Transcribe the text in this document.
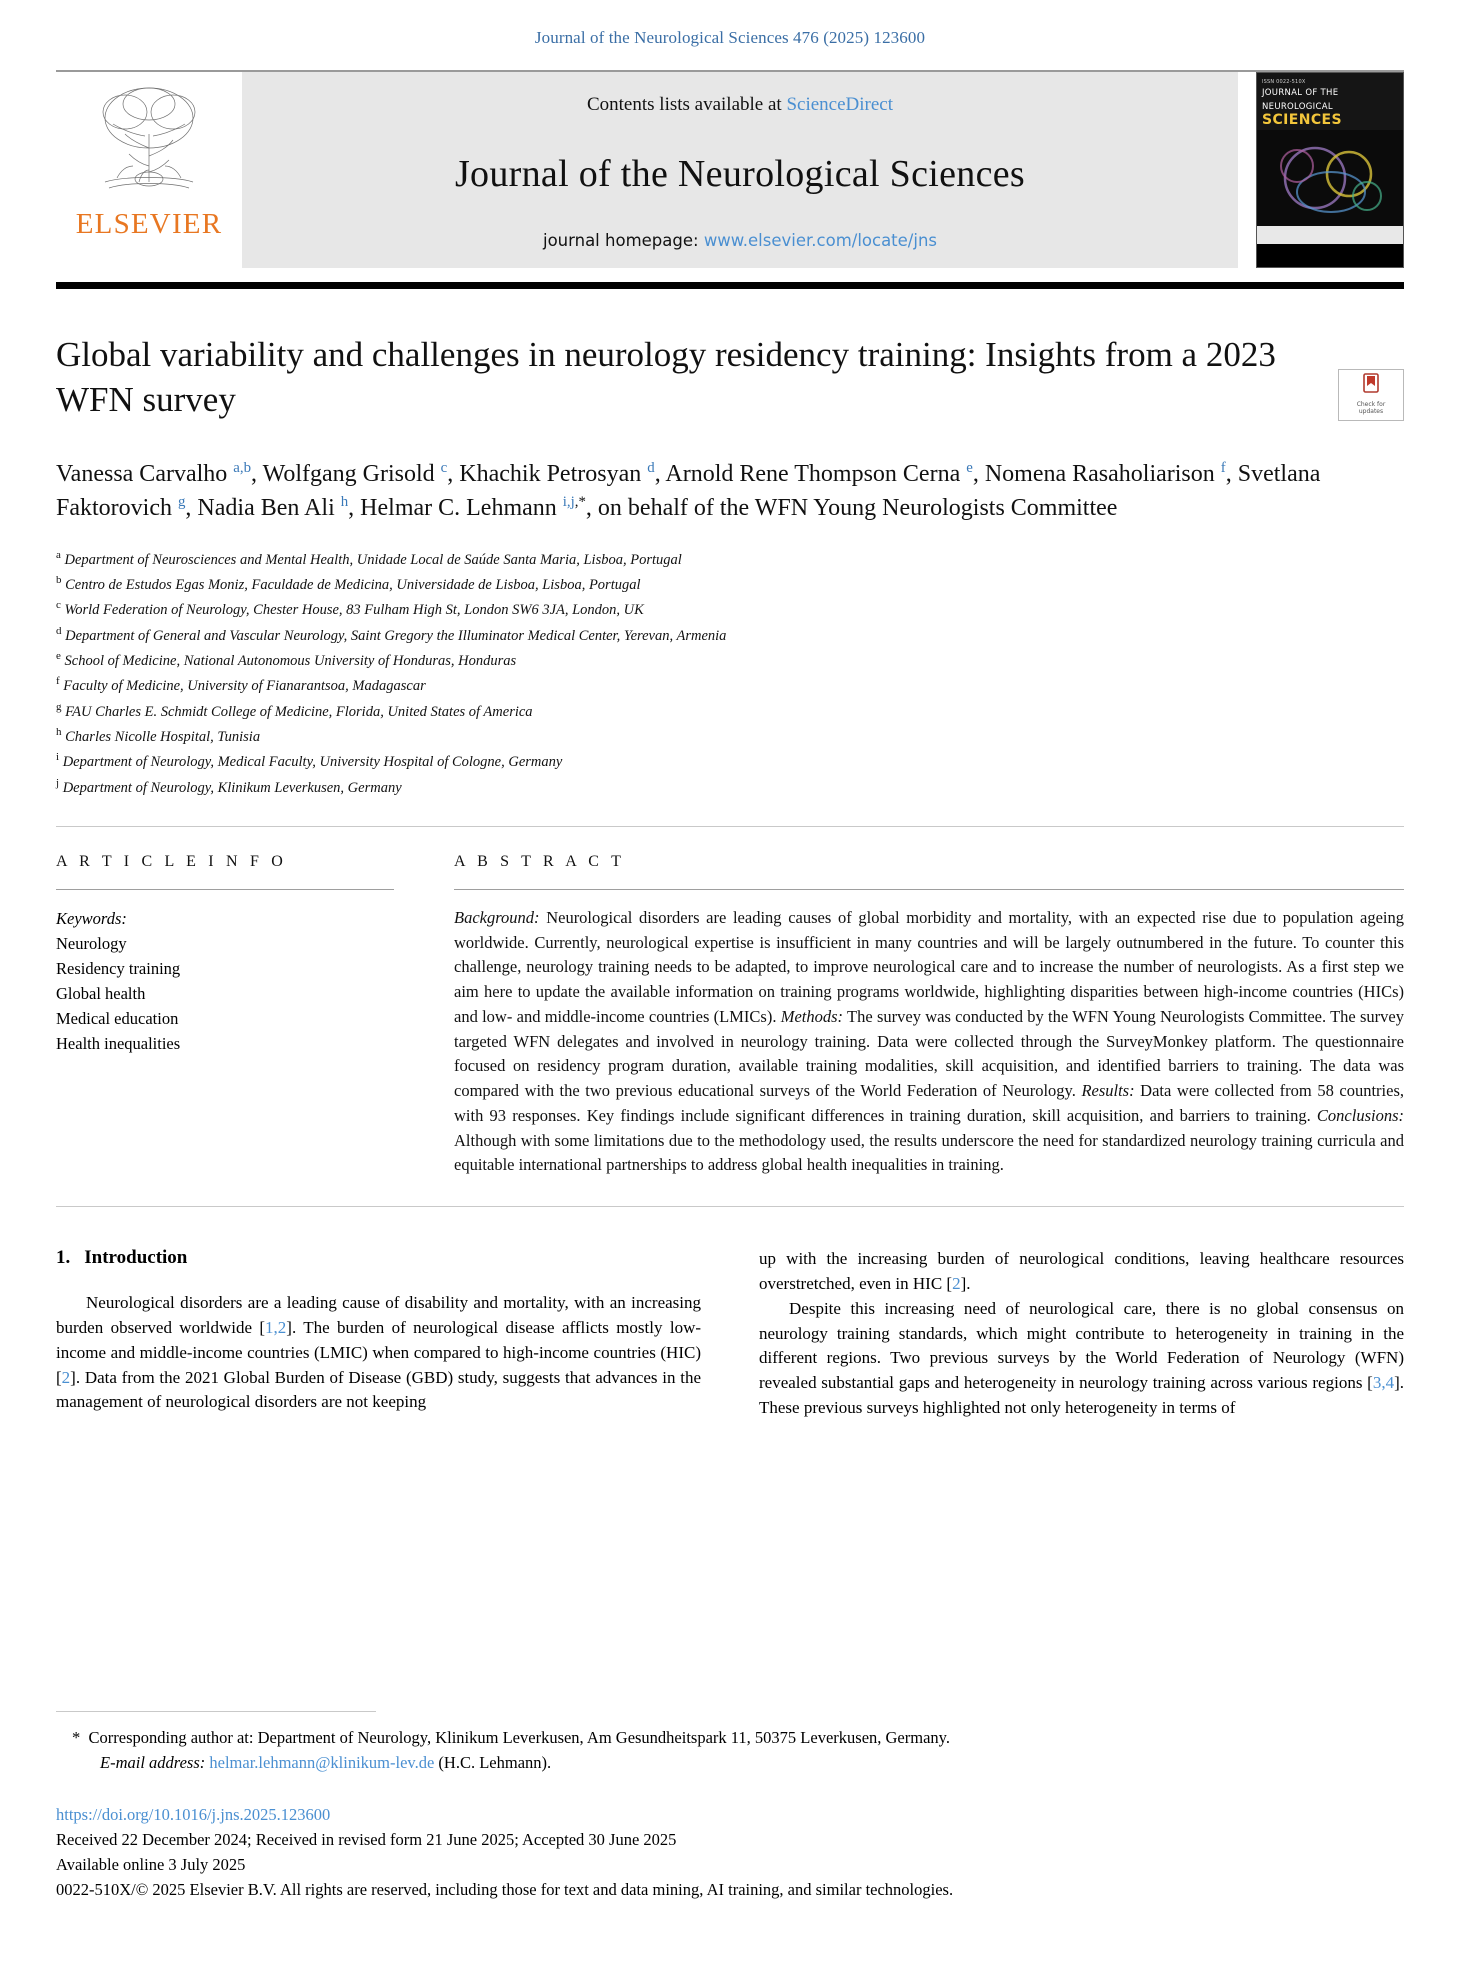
Journal of the Neurological Sciences 476 (2025) 123600
ELSEVIER
Contents lists available at ScienceDirect
Journal of the Neurological Sciences
journal homepage: www.elsevier.com/locate/jns
ISSN 0022-510X
JOURNAL OF THE
NEUROLOGICAL
SCIENCES
Check for
updates
Global variability and challenges in neurology residency training: Insights from a 2023 WFN survey
Vanessa Carvalho $^{a,b}$, Wolfgang Grisold $^c$, Khachik Petrosyan $^d$, Arnold Rene Thompson Cerna $^e$, Nomena Rasaholiarison $^f$, Svetlana Faktorovich $^g$, Nadia Ben Ali $^h$, Helmar C. Lehmann $^{i,j,*}$, on behalf of the WFN Young Neurologists Committee
$^a$ Department of Neurosciences and Mental Health, Unidade Local de Saúde Santa Maria, Lisboa, Portugal
$^b$ Centro de Estudos Egas Moniz, Faculdade de Medicina, Universidade de Lisboa, Lisboa, Portugal
$^c$ World Federation of Neurology, Chester House, 83 Fulham High St, London SW6 3JA, London, UK
$^d$ Department of General and Vascular Neurology, Saint Gregory the Illuminator Medical Center, Yerevan, Armenia
$^e$ School of Medicine, National Autonomous University of Honduras, Honduras
$^f$ Faculty of Medicine, University of Fianarantsoa, Madagascar
$^g$ FAU Charles E. Schmidt College of Medicine, Florida, United States of America
$^h$ Charles Nicolle Hospital, Tunisia
$^i$ Department of Neurology, Medical Faculty, University Hospital of Cologne, Germany
$^j$ Department of Neurology, Klinikum Leverkusen, Germany
A R T I C L E I N F O
Keywords:
Neurology
Residency training
Global health
Medical education
Health inequalities
A B S T R A C T

Background: Neurological disorders are leading causes of global morbidity and mortality, with an expected rise due to population ageing worldwide. Currently, neurological expertise is insufficient in many countries and will be largely outnumbered in the future. To counter this challenge, neurology training needs to be adapted, to improve neurological care and to increase the number of neurologists. As a first step we aim here to update the available information on training programs worldwide, highlighting disparities between high-income countries (HICs) and low- and middle-income countries (LMICs). Methods: The survey was conducted by the WFN Young Neurologists Committee. The survey targeted WFN delegates and involved in neurology training. Data were collected through the SurveyMonkey platform. The questionnaire focused on residency program duration, available training modalities, skill acquisition, and identified barriers to training. The data was compared with the two previous educational surveys of the World Federation of Neurology. Results: Data were collected from 58 countries, with 93 responses. Key findings include significant differences in training duration, skill acquisition, and barriers to training. Conclusions: Although with some limitations due to the methodology used, the results underscore the need for standardized neurology training curricula and equitable international partnerships to address global health inequalities in training.

1. Introduction

Neurological disorders are a leading cause of disability and mortality, with an increasing burden observed worldwide [1,2]. The burden of neurological disease afflicts mostly low-income and middle-income countries (LMIC) when compared to high-income countries (HIC) [2]. Data from the 2021 Global Burden of Disease (GBD) study, suggests that advances in the management of neurological disorders are not keeping

up with the increasing burden of neurological conditions, leaving healthcare resources overstretched, even in HIC [2].

Despite this increasing need of neurological care, there is no global consensus on neurology training standards, which might contribute to heterogeneity in training in the different regions. Two previous surveys by the World Federation of Neurology (WFN) revealed substantial gaps and heterogeneity in neurology training across various regions [3,4]. These previous surveys highlighted not only heterogeneity in terms of

* Corresponding author at: Department of Neurology, Klinikum Leverkusen, Am Gesundheitspark 11, 50375 Leverkusen, Germany.
E-mail address: helmar.lehmann@klinikum-lev.de (H.C. Lehmann).
https://doi.org/10.1016/j.jns.2025.123600
Received 22 December 2024; Received in revised form 21 June 2025; Accepted 30 June 2025
Available online 3 July 2025
0022-510X/© 2025 Elsevier B.V. All rights are reserved, including those for text and data mining, AI training, and similar technologies.
